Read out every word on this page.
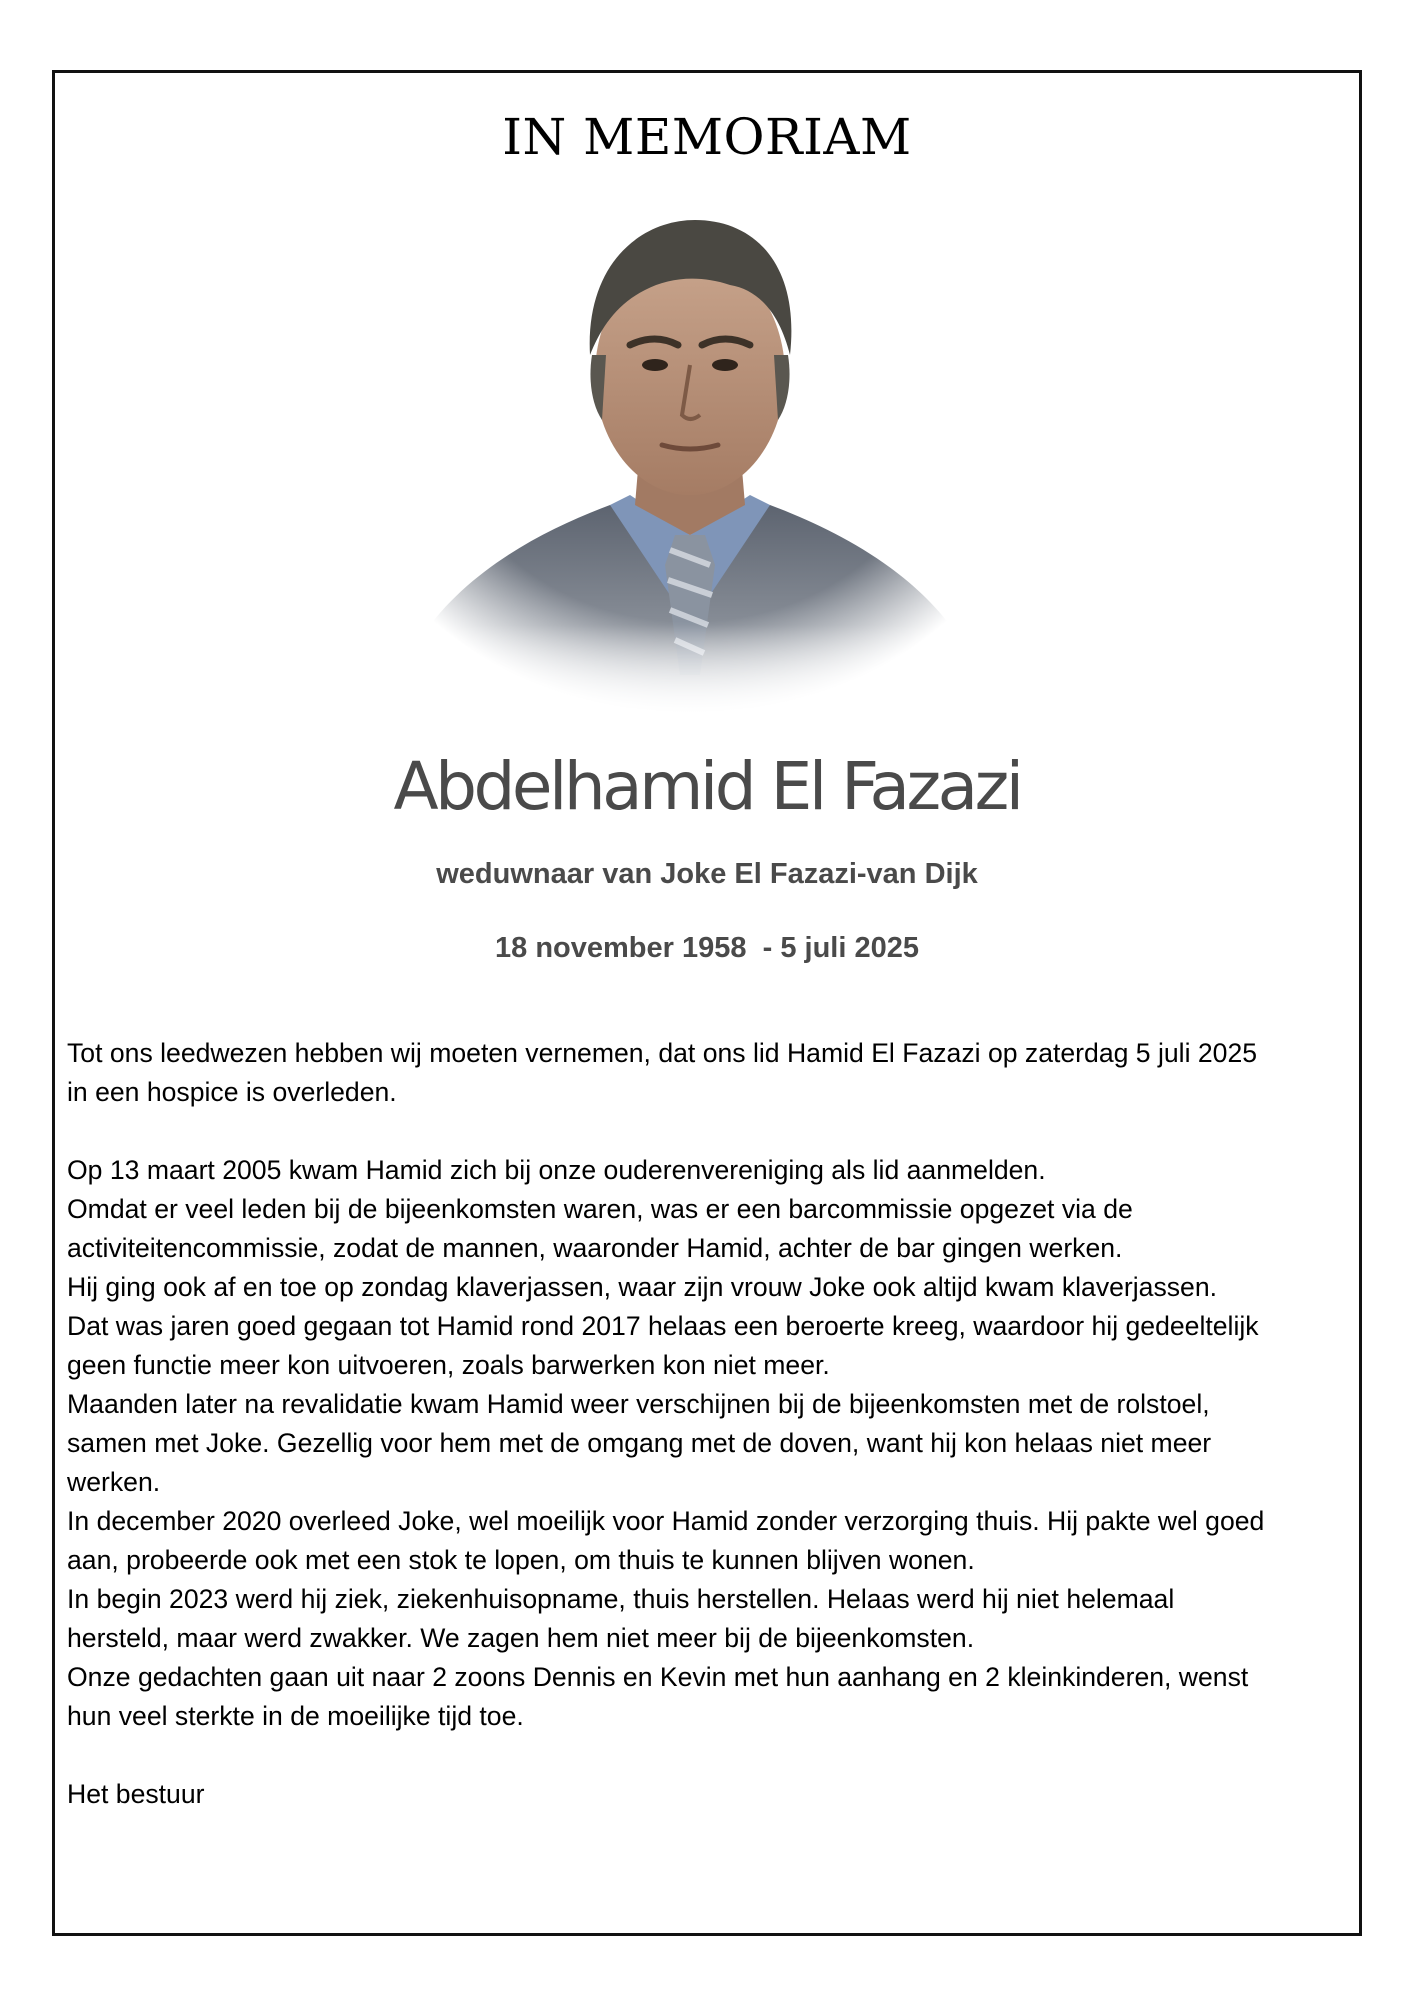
IN MEMORIAM
Abdelhamid El Fazazi
weduwnaar van Joke El Fazazi-van Dijk
18 november 1958  - 5 juli 2025
Tot ons leedwezen hebben wij moeten vernemen, dat ons lid Hamid El Fazazi op zaterdag 5 juli 2025
in een hospice is overleden.
Op 13 maart 2005 kwam Hamid zich bij onze ouderenvereniging als lid aanmelden.
Omdat er veel leden bij de bijeenkomsten waren, was er een barcommissie opgezet via de
activiteitencommissie, zodat de mannen, waaronder Hamid, achter de bar gingen werken.
Hij ging ook af en toe op zondag klaverjassen, waar zijn vrouw Joke ook altijd kwam klaverjassen.
Dat was jaren goed gegaan tot Hamid rond 2017 helaas een beroerte kreeg, waardoor hij gedeeltelijk
geen functie meer kon uitvoeren, zoals barwerken kon niet meer.
Maanden later na revalidatie kwam Hamid weer verschijnen bij de bijeenkomsten met de rolstoel,
samen met Joke. Gezellig voor hem met de omgang met de doven, want hij kon helaas niet meer
werken.
In december 2020 overleed Joke, wel moeilijk voor Hamid zonder verzorging thuis. Hij pakte wel goed
aan, probeerde ook met een stok te lopen, om thuis te kunnen blijven wonen.
In begin 2023 werd hij ziek, ziekenhuisopname, thuis herstellen. Helaas werd hij niet helemaal
hersteld, maar werd zwakker. We zagen hem niet meer bij de bijeenkomsten.
Onze gedachten gaan uit naar 2 zoons Dennis en Kevin met hun aanhang en 2 kleinkinderen, wenst
hun veel sterkte in de moeilijke tijd toe.
Het bestuur
